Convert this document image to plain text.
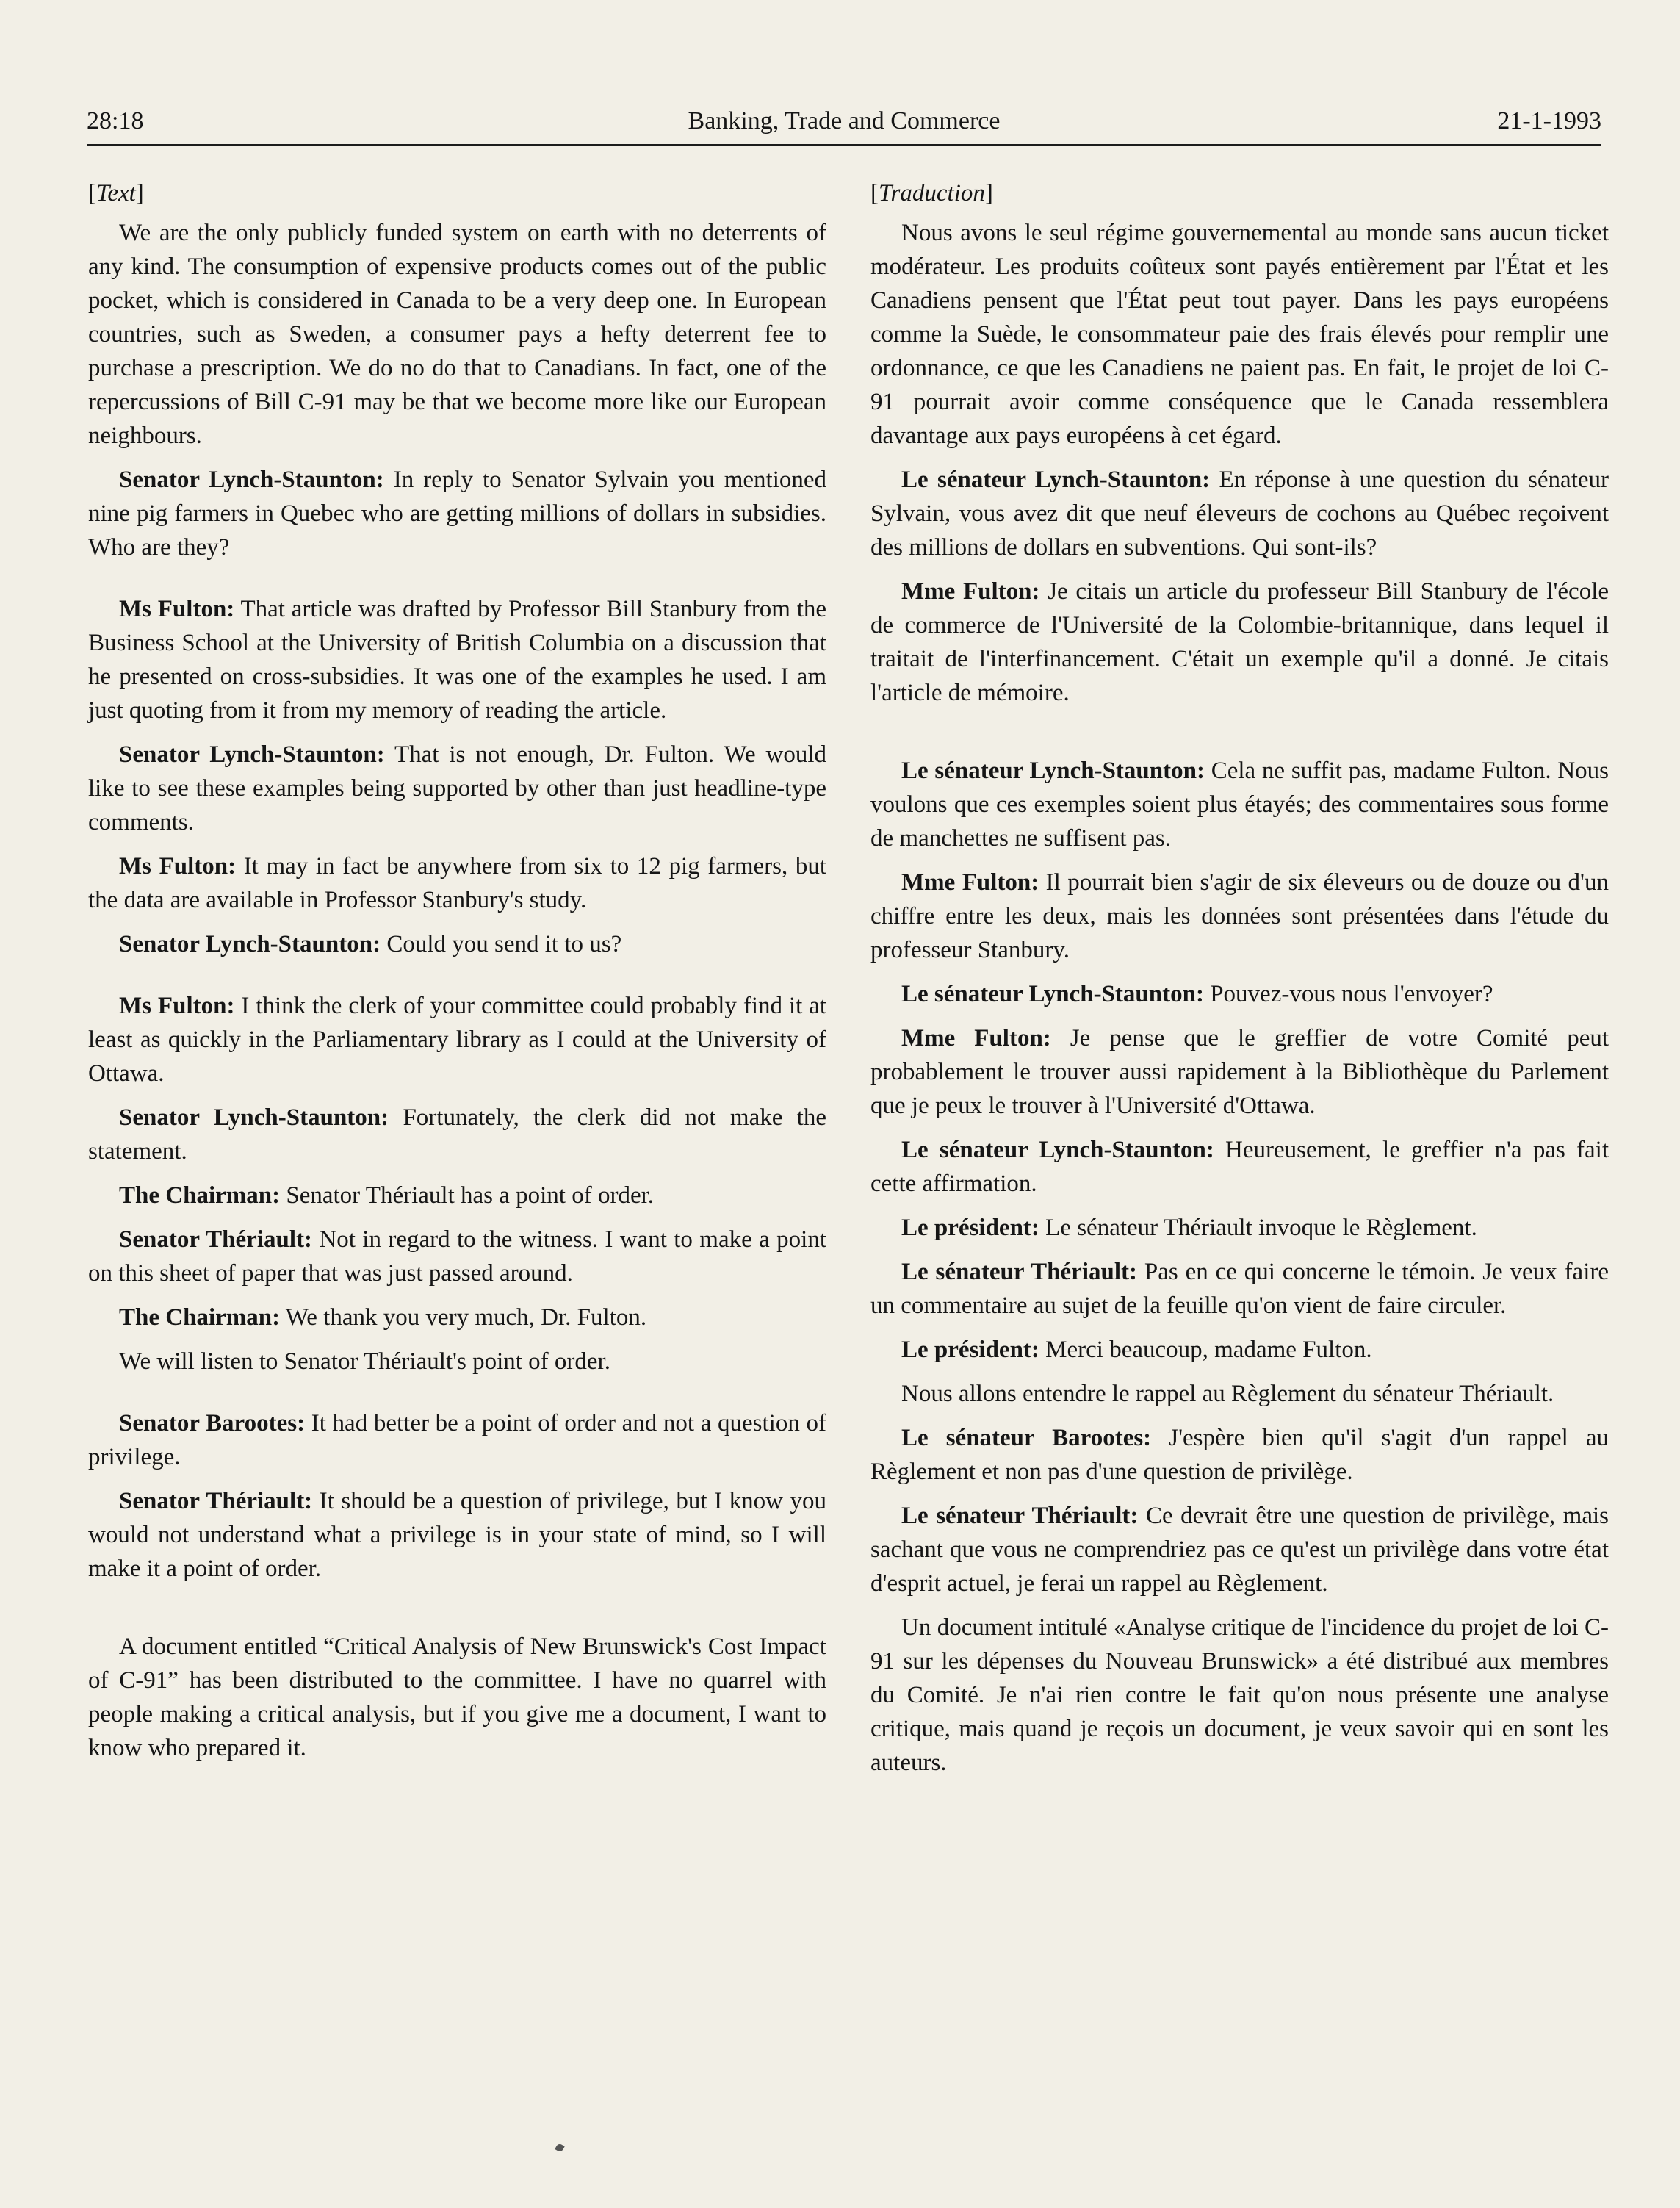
28:18	Banking, Trade and Commerce	21-1-1993
[Text]

We are the only publicly funded system on earth with no deterrents of any kind. The consumption of expensive products comes out of the public pocket, which is considered in Canada to be a very deep one. In European countries, such as Sweden, a consumer pays a hefty deterrent fee to purchase a prescription. We do no do that to Canadians. In fact, one of the repercussions of Bill C-91 may be that we become more like our European neighbours.

Senator Lynch-Staunton: In reply to Senator Sylvain you mentioned nine pig farmers in Quebec who are getting millions of dollars in subsidies. Who are they?

Ms Fulton: That article was drafted by Professor Bill Stanbury from the Business School at the University of British Columbia on a discussion that he presented on cross-subsidies. It was one of the examples he used. I am just quoting from it from my memory of reading the article.

Senator Lynch-Staunton: That is not enough, Dr. Fulton. We would like to see these examples being supported by other than just headline-type comments.

Ms Fulton: It may in fact be anywhere from six to 12 pig farmers, but the data are available in Professor Stanbury's study.

Senator Lynch-Staunton: Could you send it to us?

Ms Fulton: I think the clerk of your committee could probably find it at least as quickly in the Parliamentary library as I could at the University of Ottawa.

Senator Lynch-Staunton: Fortunately, the clerk did not make the statement.

The Chairman: Senator Thériault has a point of order.

Senator Thériault: Not in regard to the witness. I want to make a point on this sheet of paper that was just passed around.

The Chairman: We thank you very much, Dr. Fulton.

We will listen to Senator Thériault's point of order.

Senator Barootes: It had better be a point of order and not a question of privilege.

Senator Thériault: It should be a question of privilege, but I know you would not understand what a privilege is in your state of mind, so I will make it a point of order.

A document entitled “Critical Analysis of New Brunswick's Cost Impact of C-91” has been distributed to the committee. I have no quarrel with people making a critical analysis, but if you give me a document, I want to know who prepared it.

[Traduction]

Nous avons le seul régime gouvernemental au monde sans aucun ticket modérateur. Les produits coûteux sont payés entièrement par l'État et les Canadiens pensent que l'État peut tout payer. Dans les pays européens comme la Suède, le consommateur paie des frais élevés pour remplir une ordonnance, ce que les Canadiens ne paient pas. En fait, le projet de loi C-91 pourrait avoir comme conséquence que le Canada ressemblera davantage aux pays européens à cet égard.

Le sénateur Lynch-Staunton: En réponse à une question du sénateur Sylvain, vous avez dit que neuf éleveurs de cochons au Québec reçoivent des millions de dollars en subventions. Qui sont-ils?

Mme Fulton: Je citais un article du professeur Bill Stanbury de l'école de commerce de l'Université de la Colombie-britannique, dans lequel il traitait de l'interfinancement. C'était un exemple qu'il a donné. Je citais l'article de mémoire.

Le sénateur Lynch-Staunton: Cela ne suffit pas, madame Fulton. Nous voulons que ces exemples soient plus étayés; des commentaires sous forme de manchettes ne suffisent pas.

Mme Fulton: Il pourrait bien s'agir de six éleveurs ou de douze ou d'un chiffre entre les deux, mais les données sont présentées dans l'étude du professeur Stanbury.

Le sénateur Lynch-Staunton: Pouvez-vous nous l'envoyer?

Mme Fulton: Je pense que le greffier de votre Comité peut probablement le trouver aussi rapidement à la Bibliothèque du Parlement que je peux le trouver à l'Université d'Ottawa.

Le sénateur Lynch-Staunton: Heureusement, le greffier n'a pas fait cette affirmation.

Le président: Le sénateur Thériault invoque le Règlement.

Le sénateur Thériault: Pas en ce qui concerne le témoin. Je veux faire un commentaire au sujet de la feuille qu'on vient de faire circuler.

Le président: Merci beaucoup, madame Fulton.

Nous allons entendre le rappel au Règlement du sénateur Thériault.

Le sénateur Barootes: J'espère bien qu'il s'agit d'un rappel au Règlement et non pas d'une question de privilège.

Le sénateur Thériault: Ce devrait être une question de privilège, mais sachant que vous ne comprendriez pas ce qu'est un privilège dans votre état d'esprit actuel, je ferai un rappel au Règlement.

Un document intitulé «Analyse critique de l'incidence du projet de loi C-91 sur les dépenses du Nouveau Brunswick» a été distribué aux membres du Comité. Je n'ai rien contre le fait qu'on nous présente une analyse critique, mais quand je reçois un document, je veux savoir qui en sont les auteurs.
